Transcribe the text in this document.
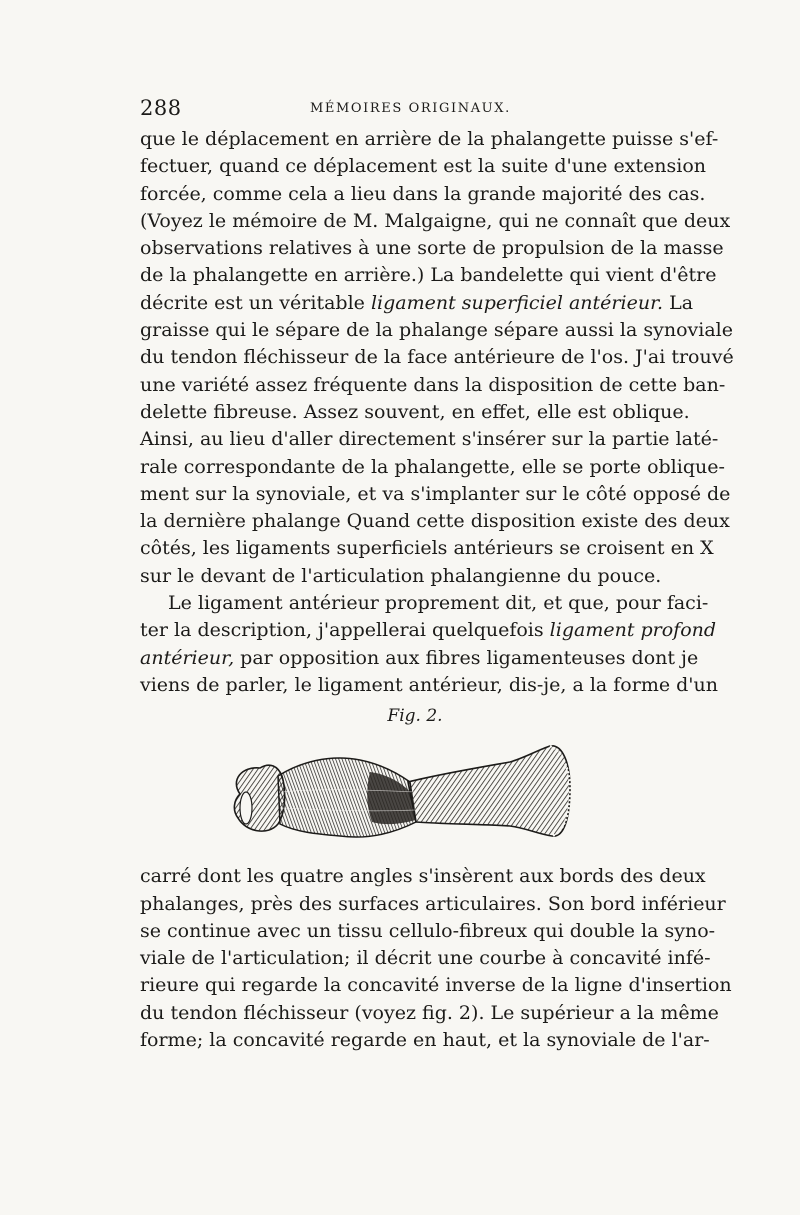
288	MÉMOIRES ORIGINAUX.
que le déplacement en arrière de la phalangette puisse s'ef-
fectuer, quand ce déplacement est la suite d'une extension
forcée, comme cela a lieu dans la grande majorité des cas.
(Voyez le mémoire de M. Malgaigne, qui ne connaît que deux
observations relatives à une sorte de propulsion de la masse
de la phalangette en arrière.) La bandelette qui vient d'être
décrite est un véritable ligament superficiel antérieur. La
graisse qui le sépare de la phalange sépare aussi la synoviale
du tendon fléchisseur de la face antérieure de l'os. J'ai trouvé
une variété assez fréquente dans la disposition de cette ban-
delette fibreuse. Assez souvent, en effet, elle est oblique.
Ainsi, au lieu d'aller directement s'insérer sur la partie laté-
rale correspondante de la phalangette, elle se porte oblique-
ment sur la synoviale, et va s'implanter sur le côté opposé de
la dernière phalange Quand cette disposition existe des deux
côtés, les ligaments superficiels antérieurs se croisent en X
sur le devant de l'articulation phalangienne du pouce.
Le ligament antérieur proprement dit, et que, pour faci-
ter la description, j'appellerai quelquefois ligament profond
antérieur, par opposition aux fibres ligamenteuses dont je
viens de parler, le ligament antérieur, dis-je, a la forme d'un
Fig. 2.
carré dont les quatre angles s'insèrent aux bords des deux
phalanges, près des surfaces articulaires. Son bord inférieur
se continue avec un tissu cellulo-fibreux qui double la syno-
viale de l'articulation; il décrit une courbe à concavité infé-
rieure qui regarde la concavité inverse de la ligne d'insertion
du tendon fléchisseur (voyez fig. 2). Le supérieur a la même
forme; la concavité regarde en haut, et la synoviale de l'ar-
